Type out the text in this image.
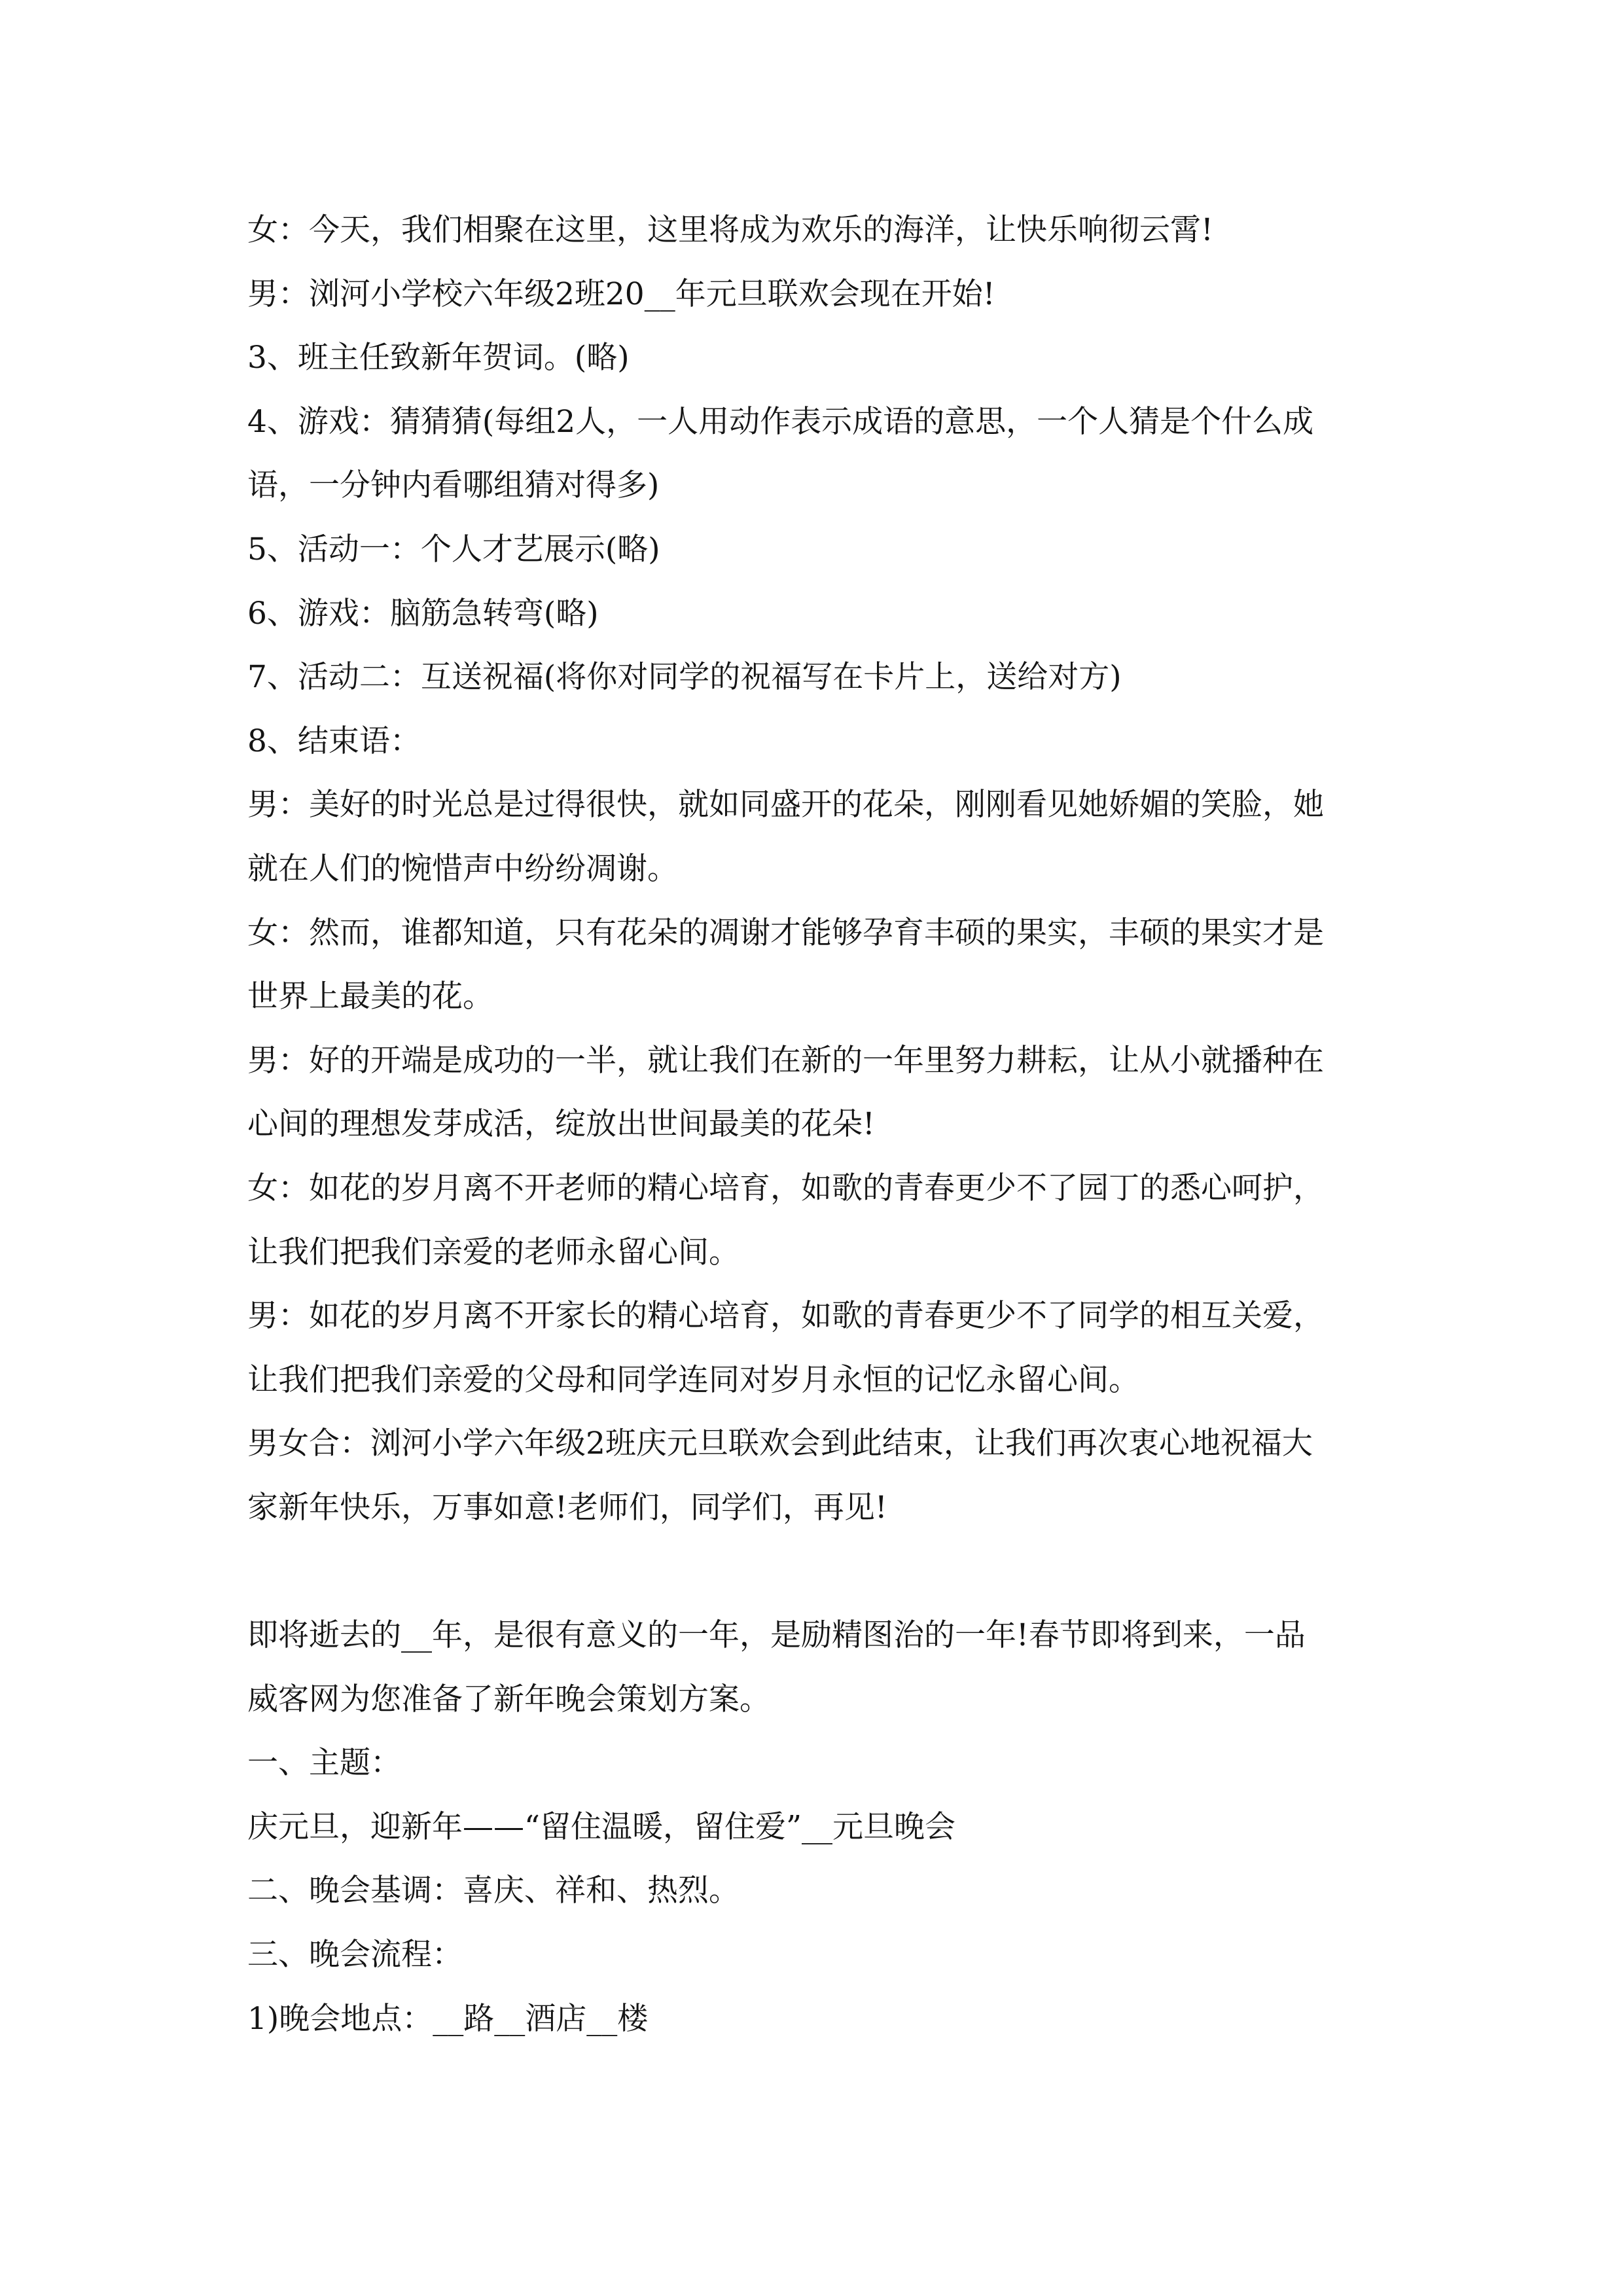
女：今天，我们相聚在这里，这里将成为欢乐的海洋，让快乐响彻云霄!
男：浏河小学校六年级2班20__年元旦联欢会现在开始!
3、班主任致新年贺词。(略)
4、游戏：猜猜猜(每组2人，一人用动作表示成语的意思，一个人猜是个什么成
语，一分钟内看哪组猜对得多)
5、活动一：个人才艺展示(略)
6、游戏：脑筋急转弯(略)
7、活动二：互送祝福(将你对同学的祝福写在卡片上，送给对方)
8、结束语：
男：美好的时光总是过得很快，就如同盛开的花朵，刚刚看见她娇媚的笑脸，她
就在人们的惋惜声中纷纷凋谢。
女：然而，谁都知道，只有花朵的凋谢才能够孕育丰硕的果实，丰硕的果实才是
世界上最美的花。
男：好的开端是成功的一半，就让我们在新的一年里努力耕耘，让从小就播种在
心间的理想发芽成活，绽放出世间最美的花朵!
女：如花的岁月离不开老师的精心培育，如歌的青春更少不了园丁的悉心呵护，
让我们把我们亲爱的老师永留心间。
男：如花的岁月离不开家长的精心培育，如歌的青春更少不了同学的相互关爱，
让我们把我们亲爱的父母和同学连同对岁月永恒的记忆永留心间。
男女合：浏河小学六年级2班庆元旦联欢会到此结束，让我们再次衷心地祝福大
家新年快乐，万事如意!老师们，同学们，再见!
即将逝去的__年，是很有意义的一年，是励精图治的一年!春节即将到来，一品
威客网为您准备了新年晚会策划方案。
一、主题：
庆元旦，迎新年——“留住温暖，留住爱”__元旦晚会
二、晚会基调：喜庆、祥和、热烈。
三、晚会流程：
1)晚会地点：__路__酒店__楼
